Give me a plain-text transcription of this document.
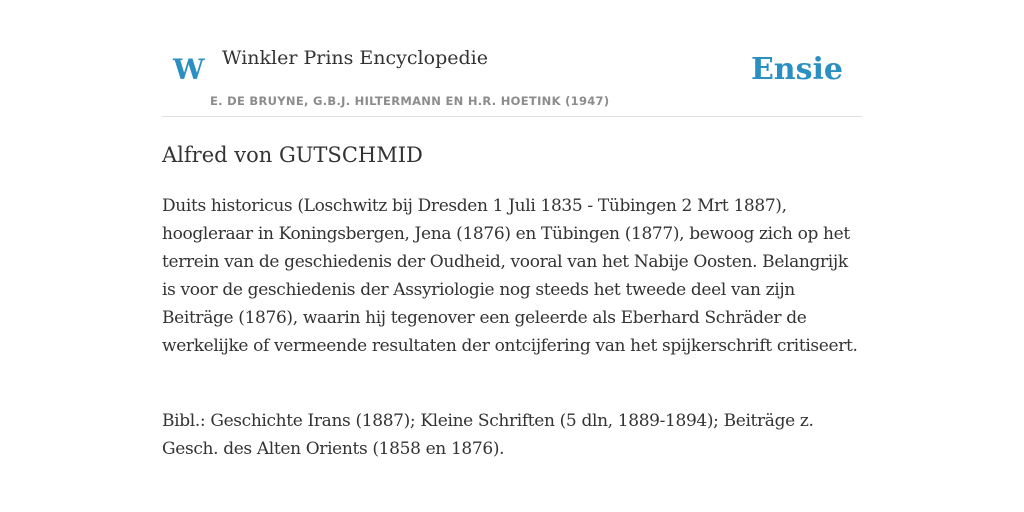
W Winkler Prins Encyclopedie
E. DE BRUYNE, G.B.J. HILTERMANN EN H.R. HOETINK (1947)
Ensie
Alfred von GUTSCHMID

Duits historicus (Loschwitz bij Dresden 1 Juli 1835 - Tübingen 2 Mrt 1887), hoogleraar in Koningsbergen, Jena (1876) en Tübingen (1877), bewoog zich op het terrein van de geschiedenis der Oudheid, vooral van het Nabije Oosten. Belangrijk is voor de geschiedenis der Assyriologie nog steeds het tweede deel van zijn Beiträge (1876), waarin hij tegenover een geleerde als Eberhard Schräder de werkelijke of vermeende resultaten der ontcijfering van het spijkerschrift critiseert.

Bibl.: Geschichte Irans (1887); Kleine Schriften (5 dln, 1889-1894); Beiträge z. Gesch. des Alten Orients (1858 en 1876).
